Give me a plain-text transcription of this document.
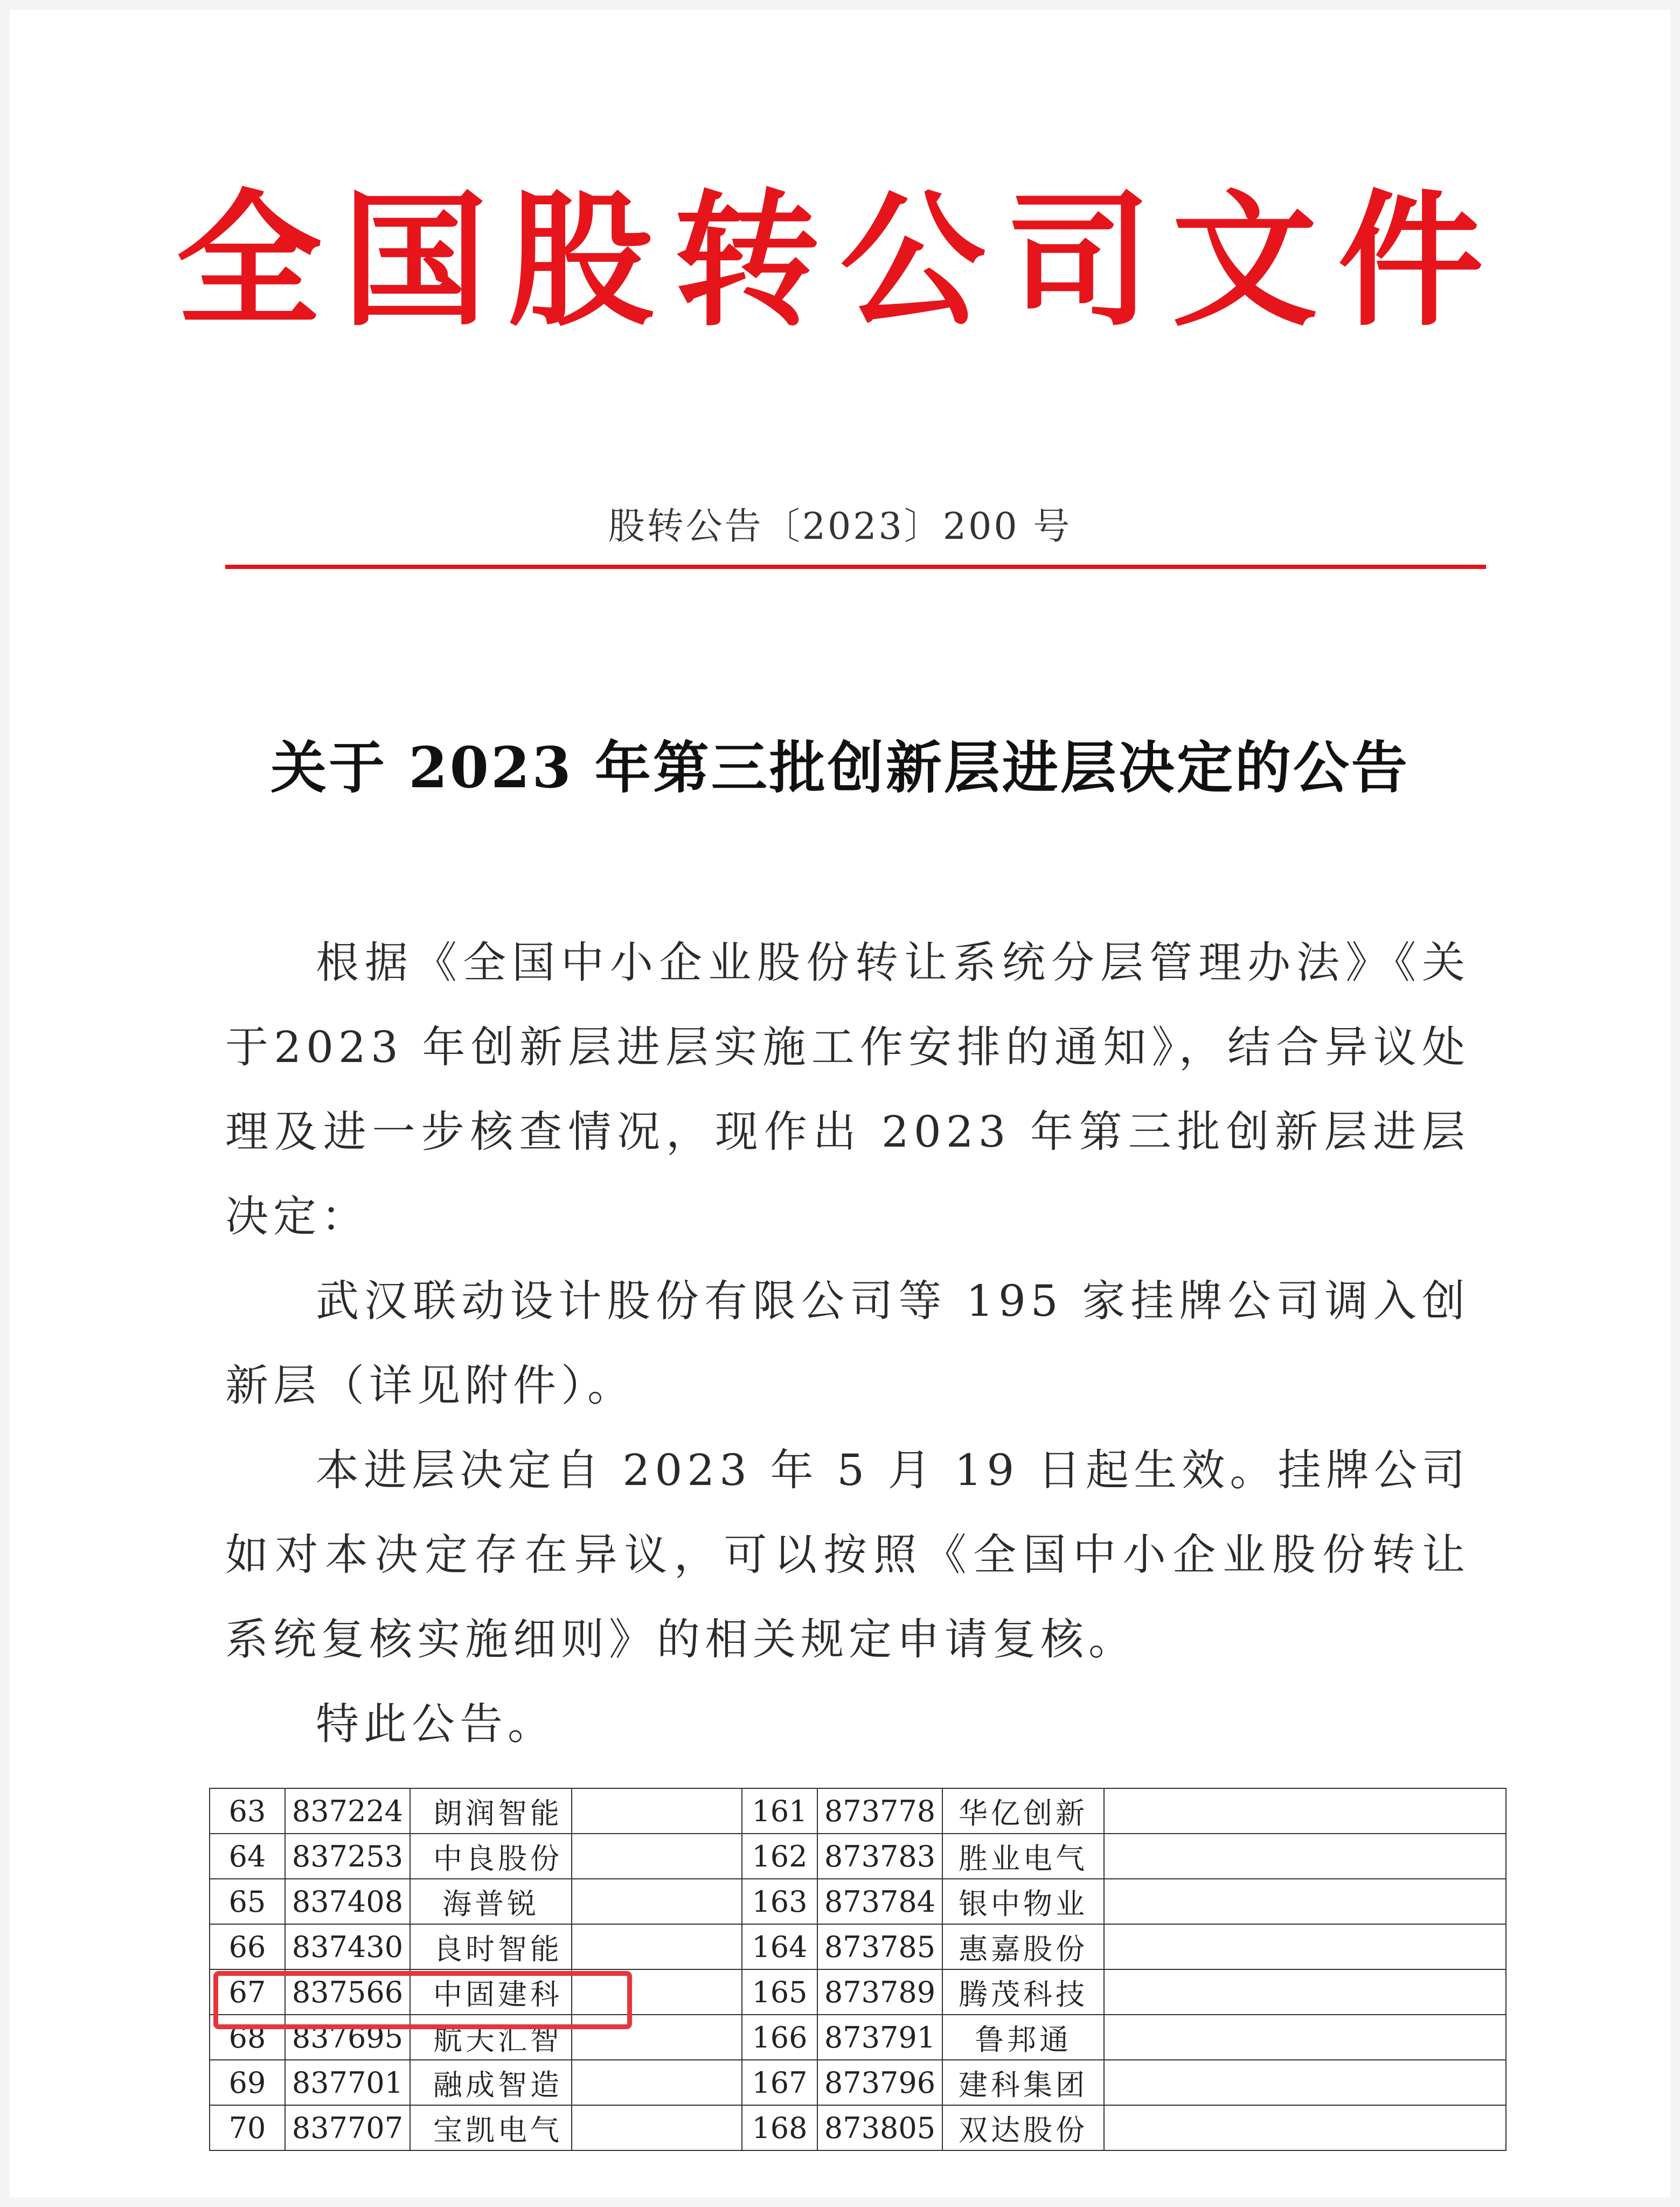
全国股转公司文件
股转公告〔2023〕200 号
关于 2023 年第三批创新层进层决定的公告

根据《全国中小企业股份转让系统分层管理办法》《关于2023 年创新层进层实施工作安排的通知》，结合异议处理及进一步核查情况，现作出 2023 年第三批创新层进层决定：

武汉联动设计股份有限公司等 195 家挂牌公司调入创新层（详见附件）。

本进层决定自 2023 年 5 月 19 日起生效。挂牌公司如对本决定存在异议，可以按照《全国中小企业股份转让系统复核实施细则》的相关规定申请复核。

特此公告。

63	837224	朗润智能		161	873778	华亿创新	
64	837253	中良股份		162	873783	胜业电气	
65	837408	海普锐		163	873784	银中物业	
66	837430	良时智能		164	873785	惠嘉股份	
67	837566	中固建科		165	873789	腾茂科技	
68	837695	航天汇智		166	873791	鲁邦通	
69	837701	融成智造		167	873796	建科集团	
70	837707	宝凯电气		168	873805	双达股份	
